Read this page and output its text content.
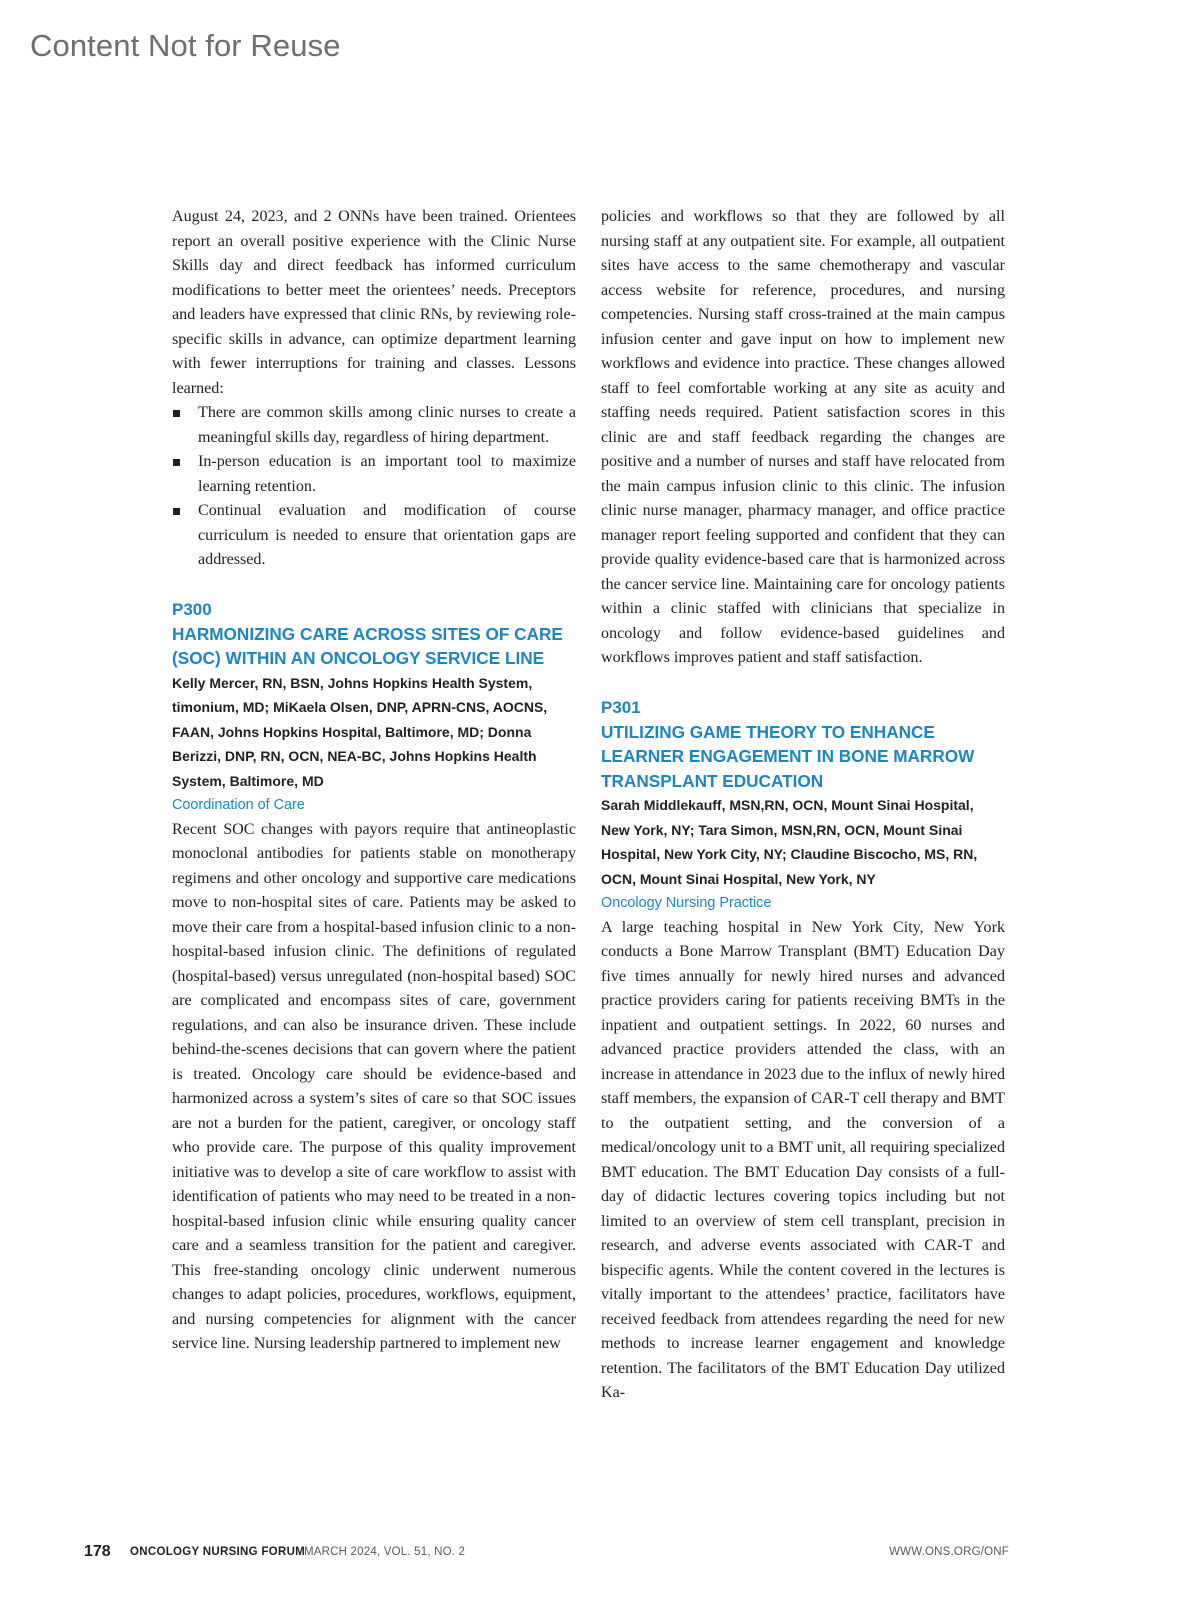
Content Not for Reuse

August 24, 2023, and 2 ONNs have been trained. Orientees report an overall positive experience with the Clinic Nurse Skills day and direct feedback has informed curriculum modifications to better meet the orientees’ needs. Preceptors and leaders have expressed that clinic RNs, by reviewing role-specific skills in advance, can optimize department learning with fewer interruptions for training and classes. Lessons learned:

There are common skills among clinic nurses to create a meaningful skills day, regardless of hiring department.
In-person education is an important tool to maximize learning retention.
Continual evaluation and modification of course curriculum is needed to ensure that orientation gaps are addressed.

P300

HARMONIZING CARE ACROSS SITES OF CARE (SOC) WITHIN AN ONCOLOGY SERVICE LINE

Kelly Mercer, RN, BSN, Johns Hopkins Health System, timonium, MD; MiKaela Olsen, DNP, APRN-CNS, AOCNS, FAAN, Johns Hopkins Hospital, Baltimore, MD; Donna Berizzi, DNP, RN, OCN, NEA-BC, Johns Hopkins Health System, Baltimore, MD

Coordination of Care

Recent SOC changes with payors require that antineoplastic monoclonal antibodies for patients stable on monotherapy regimens and other oncology and supportive care medications move to non-hospital sites of care. Patients may be asked to move their care from a hospital-based infusion clinic to a non-hospital-based infusion clinic. The definitions of regulated (hospital-based) versus unregulated (non-hospital based) SOC are complicated and encompass sites of care, government regulations, and can also be insurance driven. These include behind-the-scenes decisions that can govern where the patient is treated. Oncology care should be evidence-based and harmonized across a system’s sites of care so that SOC issues are not a burden for the patient, caregiver, or oncology staff who provide care. The purpose of this quality improvement initiative was to develop a site of care workflow to assist with identification of patients who may need to be treated in a non-hospital-based infusion clinic while ensuring quality cancer care and a seamless transition for the patient and caregiver. This free-standing oncology clinic underwent numerous changes to adapt policies, procedures, workflows, equipment, and nursing competencies for alignment with the cancer service line. Nursing leadership partnered to implement new

policies and workflows so that they are followed by all nursing staff at any outpatient site. For example, all outpatient sites have access to the same chemotherapy and vascular access website for reference, procedures, and nursing competencies. Nursing staff cross-trained at the main campus infusion center and gave input on how to implement new workflows and evidence into practice. These changes allowed staff to feel comfortable working at any site as acuity and staffing needs required. Patient satisfaction scores in this clinic are and staff feedback regarding the changes are positive and a number of nurses and staff have relocated from the main campus infusion clinic to this clinic. The infusion clinic nurse manager, pharmacy manager, and office practice manager report feeling supported and confident that they can provide quality evidence-based care that is harmonized across the cancer service line. Maintaining care for oncology patients within a clinic staffed with clinicians that specialize in oncology and follow evidence-based guidelines and workflows improves patient and staff satisfaction.

P301

UTILIZING GAME THEORY TO ENHANCE LEARNER ENGAGEMENT IN BONE MARROW TRANSPLANT EDUCATION

Sarah Middlekauff, MSN,RN, OCN, Mount Sinai Hospital, New York, NY; Tara Simon, MSN,RN, OCN, Mount Sinai Hospital, New York City, NY; Claudine Biscocho, MS, RN, OCN, Mount Sinai Hospital, New York, NY

Oncology Nursing Practice

A large teaching hospital in New York City, New York conducts a Bone Marrow Transplant (BMT) Education Day five times annually for newly hired nurses and advanced practice providers caring for patients receiving BMTs in the inpatient and outpatient settings. In 2022, 60 nurses and advanced practice providers attended the class, with an increase in attendance in 2023 due to the influx of newly hired staff members, the expansion of CAR-T cell therapy and BMT to the outpatient setting, and the conversion of a medical/oncology unit to a BMT unit, all requiring specialized BMT education. The BMT Education Day consists of a full-day of didactic lectures covering topics including but not limited to an overview of stem cell transplant, precision in research, and adverse events associated with CAR-T and bispecific agents. While the content covered in the lectures is vitally important to the attendees’ practice, facilitators have received feedback from attendees regarding the need for new methods to increase learner engagement and knowledge retention. The facilitators of the BMT Education Day utilized Ka-

178 ONCOLOGY NURSING FORUM
MARCH 2024, VOL. 51, NO. 2	WWW.ONS.ORG/ONF
